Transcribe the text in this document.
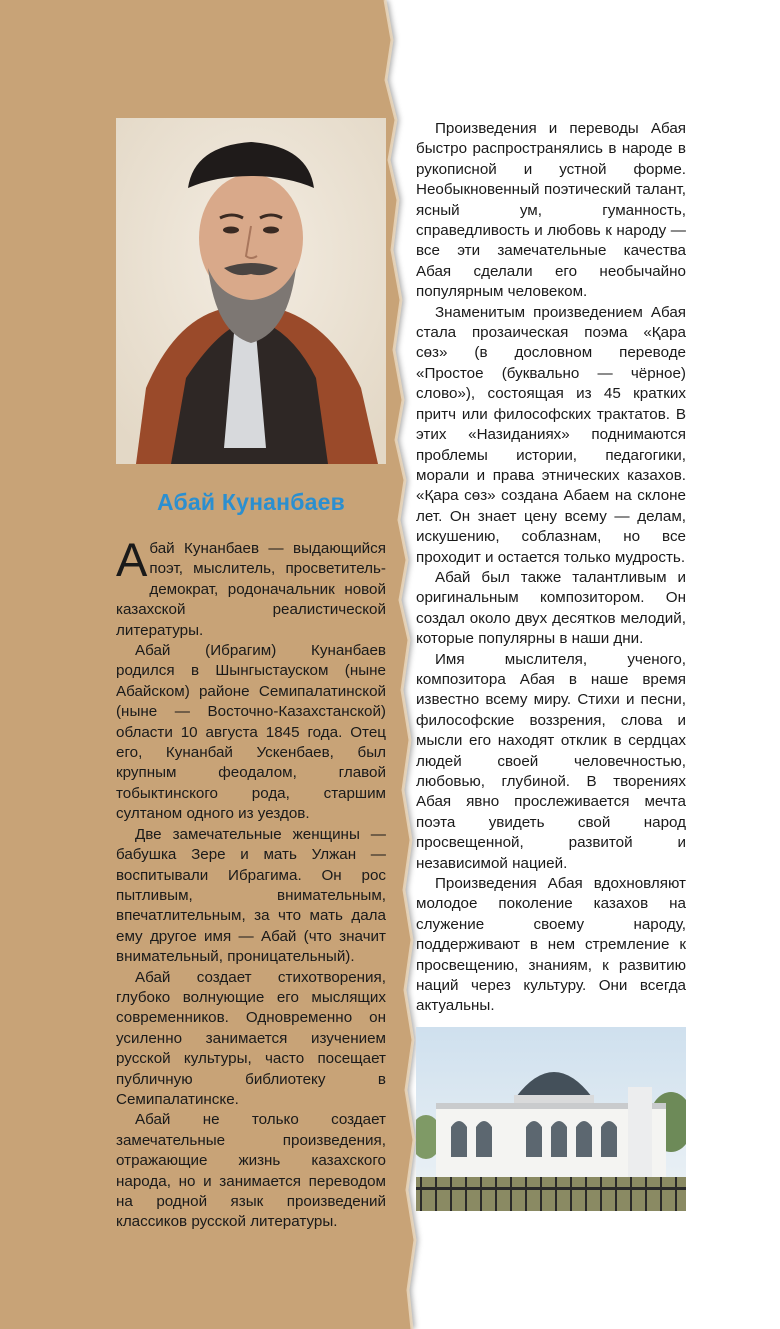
Абай Кунанбаев

Абай Кунанбаев — выдающийся поэт, мыслитель, просветитель-демократ, родоначальник новой казахской реалистической литературы.

Абай (Ибрагим) Кунанбаев родился в Шынгыстауском (ныне Абайском) районе Семипалатинской (ныне — Восточно-Казахстанской) области 10 августа 1845 года. Отец его, Кунанбай Ускенбаев, был крупным феодалом, главой тобыктинского рода, старшим султаном одного из уездов.

Две замечательные женщины — бабушка Зере и мать Улжан — воспитывали Ибрагима. Он рос пытливым, внимательным, впечатлительным, за что мать дала ему другое имя — Абай (что значит внимательный, проницательный).

Абай создает стихотворения, глубоко волнующие его мыслящих современников. Одновременно он усиленно занимается изучением русской культуры, часто посещает публичную библиотеку в Семипалатинске.

Абай не только создает замечательные произведения, отражающие жизнь казахского народа, но и занимается переводом на родной язык произведений классиков русской литературы.

Произведения и переводы Абая быстро распространялись в народе в рукописной и устной форме. Необыкновенный поэтический талант, ясный ум, гуманность, справедливость и любовь к народу — все эти замечательные качества Абая сделали его необычайно популярным человеком.

Знаменитым произведением Абая стала прозаическая поэма «Қара сөз» (в дословном переводе «Простое (буквально — чёрное) слово»), состоящая из 45 кратких притч или философских трактатов. В этих «Назиданиях» поднимаются проблемы истории, педагогики, морали и права этнических казахов. «Қара сөз» создана Абаем на склоне лет. Он знает цену всему — делам, искушению, соблазнам, но все проходит и остается только мудрость.

Абай был также талантливым и оригинальным композитором. Он создал около двух десятков мелодий, которые популярны в наши дни.

Имя мыслителя, ученого, композитора Абая в наше время известно всему миру. Стихи и песни, философские воззрения, слова и мысли его находят отклик в сердцах людей своей человечностью, любовью, глубиной. В творениях Абая явно прослеживается мечта поэта увидеть свой народ просвещенной, развитой и независимой нацией.

Произведения Абая вдохновляют молодое поколение казахов на служение своему народу, поддерживают в нем стремление к просвещению, знаниям, к развитию наций через культуру. Они всегда актуальны.
